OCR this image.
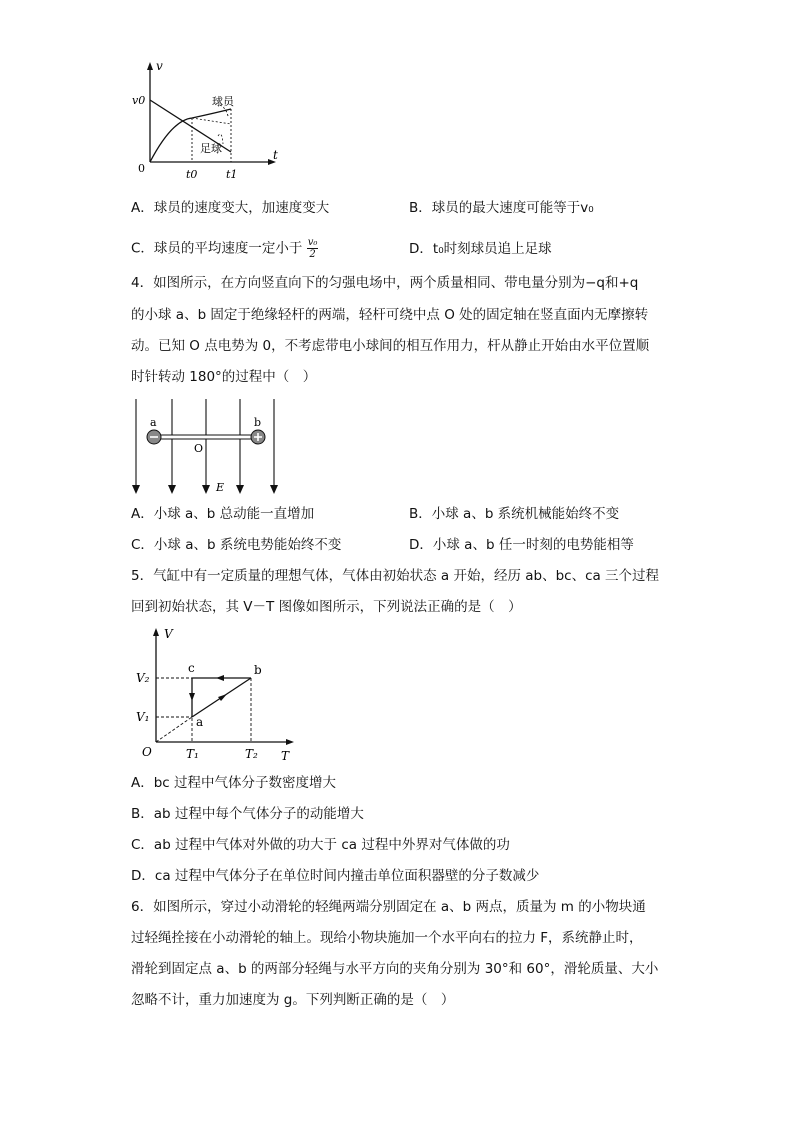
v
t
v0
0
球员
足球
t0	t1
A．球员的速度变大，加速度变大	B．球员的最大速度可能等于v₀
C．球员的平均速度一定小于 $\frac{\text{v₀}}{2}$	D．t₀时刻球员追上足球
4．如图所示，在方向竖直向下的匀强电场中，两个质量相同、带电量分别为−q和+q
的小球 a、b 固定于绝缘轻杆的两端，轻杆可绕中点 O 处的固定轴在竖直面内无摩擦转
动。已知 O 点电势为 0，不考虑带电小球间的相互作用力，杆从静止开始由水平位置顺
时针转动 180°的过程中（　）
a	b
O
E
A．小球 a、b 总动能一直增加	B．小球 a、b 系统机械能始终不变
C．小球 a、b 系统电势能始终不变	D．小球 a、b 任一时刻的电势能相等
5．气缸中有一定质量的理想气体，气体由初始状态 a 开始，经历 ab、bc、ca 三个过程
回到初始状态，其 V－T 图像如图所示，下列说法正确的是（　）
V
T
O
V₂
V₁
T₁	T₂
a
b
c
A．bc 过程中气体分子数密度增大
B．ab 过程中每个气体分子的动能增大
C．ab 过程中气体对外做的功大于 ca 过程中外界对气体做的功
D．ca 过程中气体分子在单位时间内撞击单位面积器壁的分子数减少
6．如图所示，穿过小动滑轮的轻绳两端分别固定在 a、b 两点，质量为 m 的小物块通
过轻绳拴接在小动滑轮的轴上。现给小物块施加一个水平向右的拉力 F，系统静止时，
滑轮到固定点 a、b 的两部分轻绳与水平方向的夹角分别为 30°和 60°，滑轮质量、大小
忽略不计，重力加速度为 g。下列判断正确的是（　）
